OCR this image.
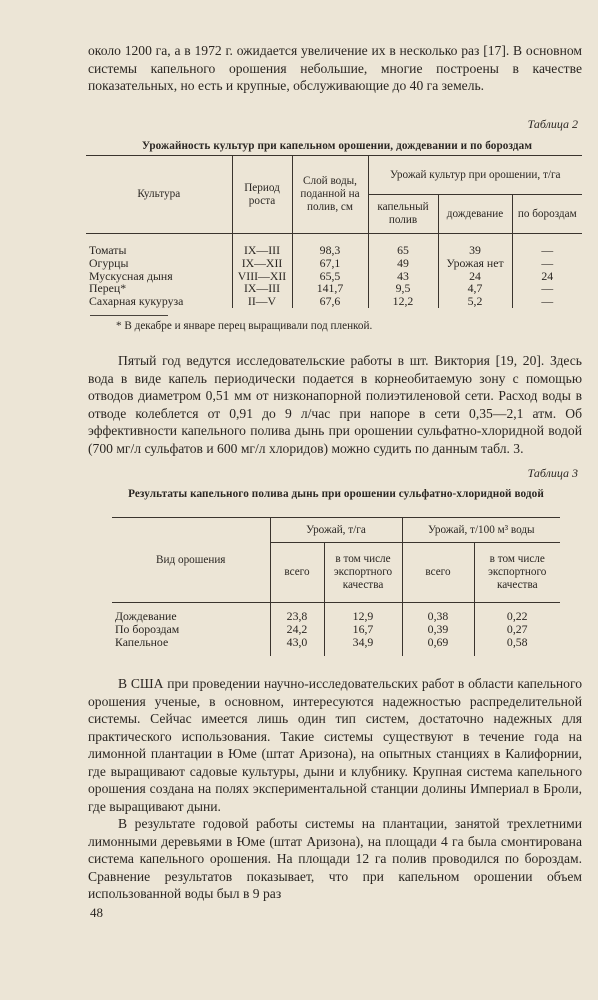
около 1200 га, а в 1972 г. ожидается увеличение их в несколько раз [17]. В основном системы капельного орошения небольшие, многие построены в качестве показательных, но есть и крупные, обслуживающие до 40 га земель.

Таблица 2

Урожайность культур при капельном орошении, дождевании и по бороздам

Культура	Период роста	Слой воды, поданной на полив, см	Урожай культур при орошении, т/га		
			капельный полив	дождевание	по бороздам
Томаты	IX—III	98,3	65	39	—
Огурцы	IX—XII	67,1	49	Урожая нет	—
Мускусная дыня	VIII—XII	65,5	43	24	24
Перец*	IX—III	141,7	9,5	4,7	—
Сахарная кукуруза	II—V	67,6	12,2	5,2	—

* В декабре и январе перец выращивали под пленкой.

Пятый год ведутся исследовательские работы в шт. Виктория [19, 20]. Здесь вода в виде капель периодически подается в корнеобитаемую зону с помощью отводов диаметром 0,51 мм от низконапорной полиэтиленовой сети. Расход воды в отводе колеблется от 0,91 до 9 л/час при напоре в сети 0,35—2,1 атм. Об эффективности капельного полива дынь при орошении сульфатно-хлоридной водой (700 мг/л сульфатов и 600 мг/л хлоридов) можно судить по данным табл. 3.

Таблица 3

Результаты капельного полива дынь при орошении сульфатно-хлоридной водой

Вид орошения	Урожай, т/га		Урожай, т/100 м³ воды	
	всего	в том числе экспортного качества	всего	в том числе экспортного качества
Дождевание	23,8	12,9	0,38	0,22
По бороздам	24,2	16,7	0,39	0,27
Капельное	43,0	34,9	0,69	0,58

В США при проведении научно-исследовательских работ в области капельного орошения ученые, в основном, интересуются надежностью распределительной системы. Сейчас имеется лишь один тип систем, достаточно надежных для практического использования. Такие системы существуют в течение года на лимонной плантации в Юме (штат Аризона), на опытных станциях в Калифорнии, где выращивают садовые культуры, дыни и клубнику. Крупная система капельного орошения создана на полях экспериментальной станции долины Империал в Броли, где выращивают дыни.

В результате годовой работы системы на плантации, занятой трехлетними лимонными деревьями в Юме (штат Аризона), на площади 4 га была смонтирована система капельного орошения. На площади 12 га полив проводился по бороздам. Сравнение результатов показывает, что при капельном орошении объем использованной воды был в 9 раз

48
